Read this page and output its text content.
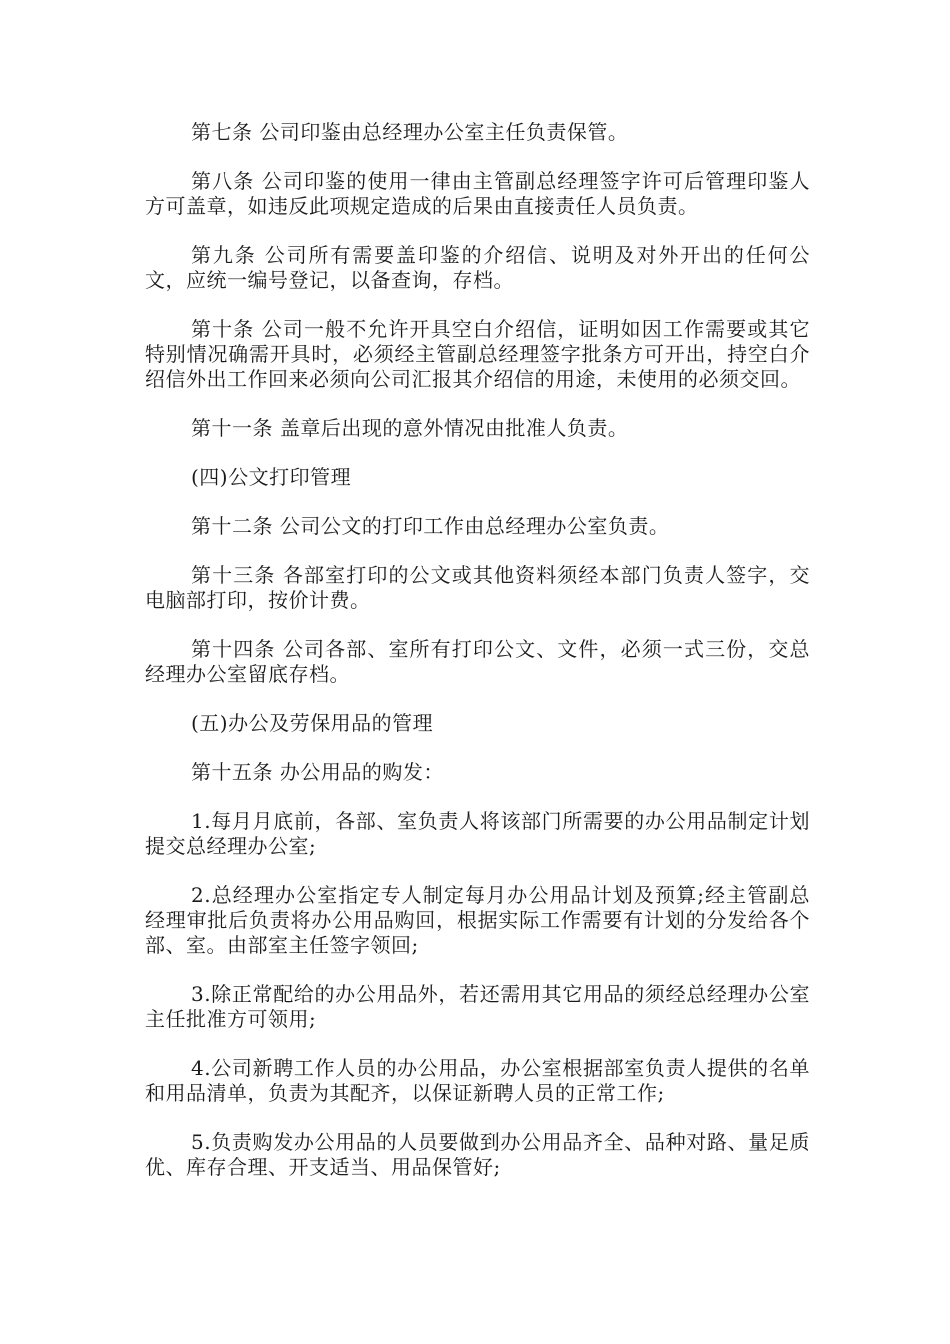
第七条 公司印鉴由总经理办公室主任负责保管。

第八条 公司印鉴的使用一律由主管副总经理签字许可后管理印鉴人方可盖章，如违反此项规定造成的后果由直接责任人员负责。

第九条 公司所有需要盖印鉴的介绍信、说明及对外开出的任何公文，应统一编号登记，以备查询，存档。

第十条 公司一般不允许开具空白介绍信，证明如因工作需要或其它特别情况确需开具时，必须经主管副总经理签字批条方可开出，持空白介绍信外出工作回来必须向公司汇报其介绍信的用途，未使用的必须交回。

第十一条 盖章后出现的意外情况由批准人负责。

(四)公文打印管理

第十二条 公司公文的打印工作由总经理办公室负责。

第十三条 各部室打印的公文或其他资料须经本部门负责人签字，交电脑部打印，按价计费。

第十四条 公司各部、室所有打印公文、文件，必须一式三份，交总经理办公室留底存档。

(五)办公及劳保用品的管理

第十五条 办公用品的购发：

1.每月月底前，各部、室负责人将该部门所需要的办公用品制定计划提交总经理办公室;

2.总经理办公室指定专人制定每月办公用品计划及预算;经主管副总经理审批后负责将办公用品购回，根据实际工作需要有计划的分发给各个部、室。由部室主任签字领回;

3.除正常配给的办公用品外，若还需用其它用品的须经总经理办公室主任批准方可领用;

4.公司新聘工作人员的办公用品，办公室根据部室负责人提供的名单和用品清单，负责为其配齐，以保证新聘人员的正常工作;

5.负责购发办公用品的人员要做到办公用品齐全、品种对路、量足质优、库存合理、开支适当、用品保管好;
